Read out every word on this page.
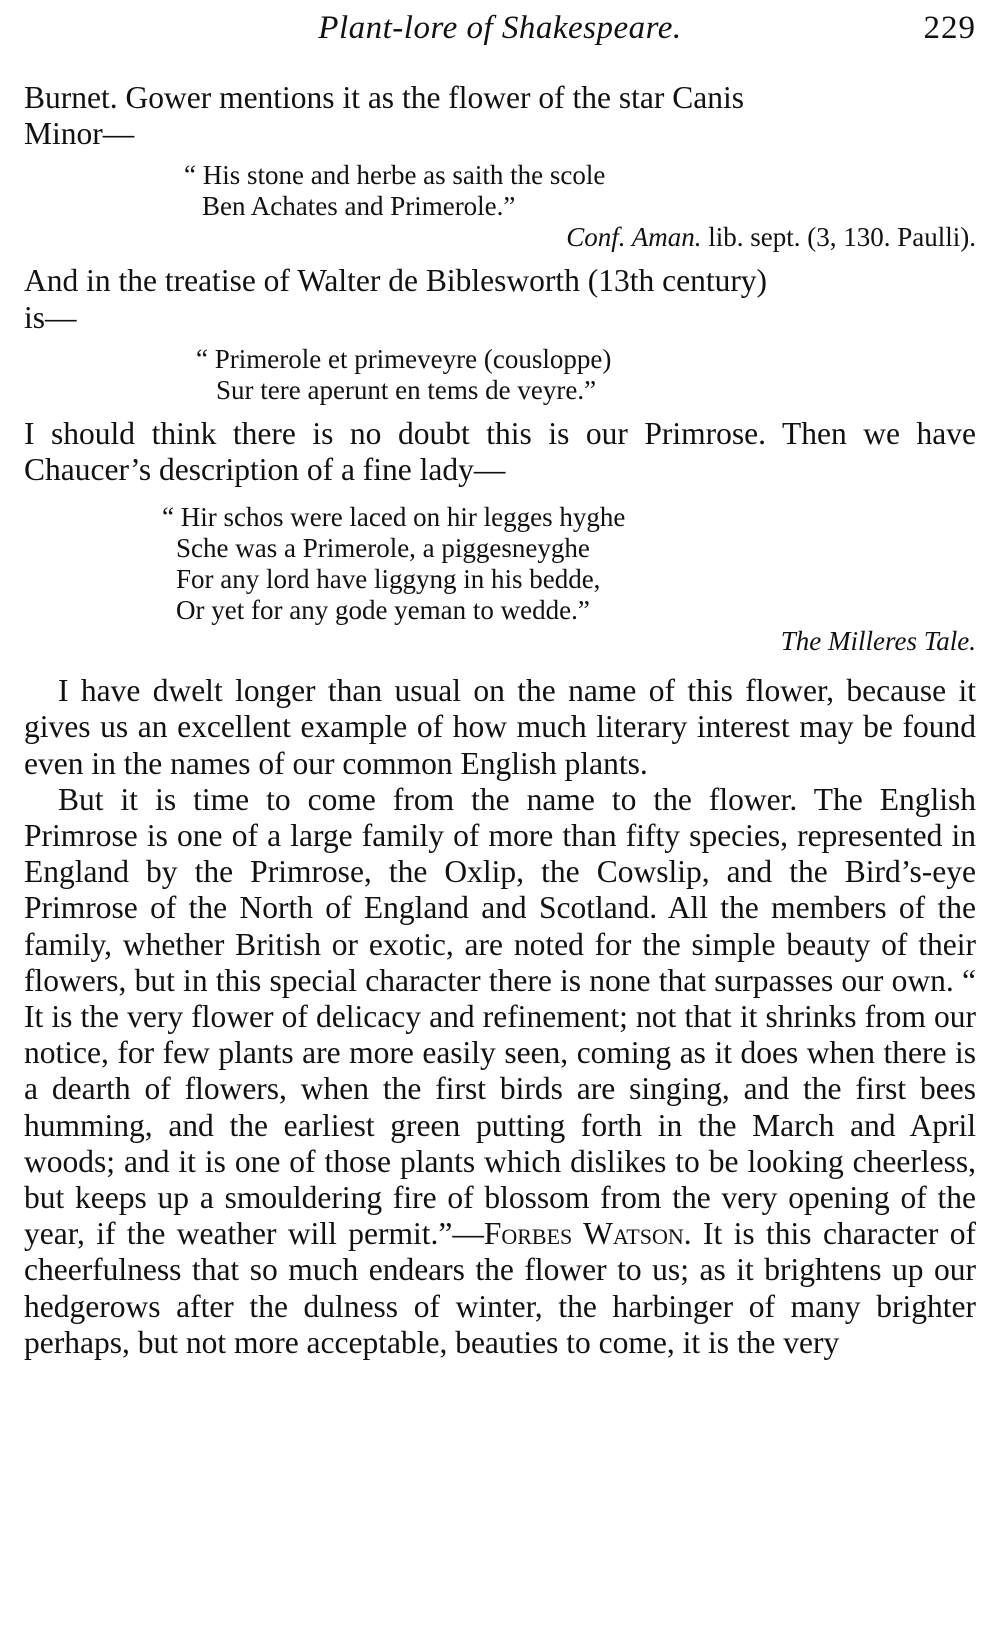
Plant-lore of Shakespeare.	229

Burnet. Gower mentions it as the flower of the star Canis
Minor—

“ His stone and herbe as saith the scole
Ben Achates and Primerole.”
Conf. Aman. lib. sept. (3, 130. Paulli).

And in the treatise of Walter de Biblesworth (13th century)
is—

“ Primerole et primeveyre (cousloppe)
Sur tere aperunt en tems de veyre.”

I should think there is no doubt this is our Primrose. Then we have Chaucer’s description of a fine lady—

“ Hir schos were laced on hir legges hyghe
Sche was a Primerole, a piggesneyghe
For any lord have liggyng in his bedde,
Or yet for any gode yeman to wedde.”
The Milleres Tale.

I have dwelt longer than usual on the name of this flower, because it gives us an excellent example of how much literary interest may be found even in the names of our common English plants.

But it is time to come from the name to the flower. The English Primrose is one of a large family of more than fifty species, represented in England by the Primrose, the Oxlip, the Cowslip, and the Bird’s-eye Primrose of the North of England and Scotland. All the members of the family, whether British or exotic, are noted for the simple beauty of their flowers, but in this special character there is none that surpasses our own. “ It is the very flower of delicacy and refinement; not that it shrinks from our notice, for few plants are more easily seen, coming as it does when there is a dearth of flowers, when the first birds are singing, and the first bees humming, and the earliest green putting forth in the March and April woods; and it is one of those plants which dislikes to be looking cheerless, but keeps up a smouldering fire of blossom from the very opening of the year, if the weather will permit.”—Forbes Watson. It is this character of cheerfulness that so much endears the flower to us; as it brightens up our hedgerows after the dulness of winter, the harbinger of many brighter perhaps, but not more acceptable, beauties to come, it is the very
